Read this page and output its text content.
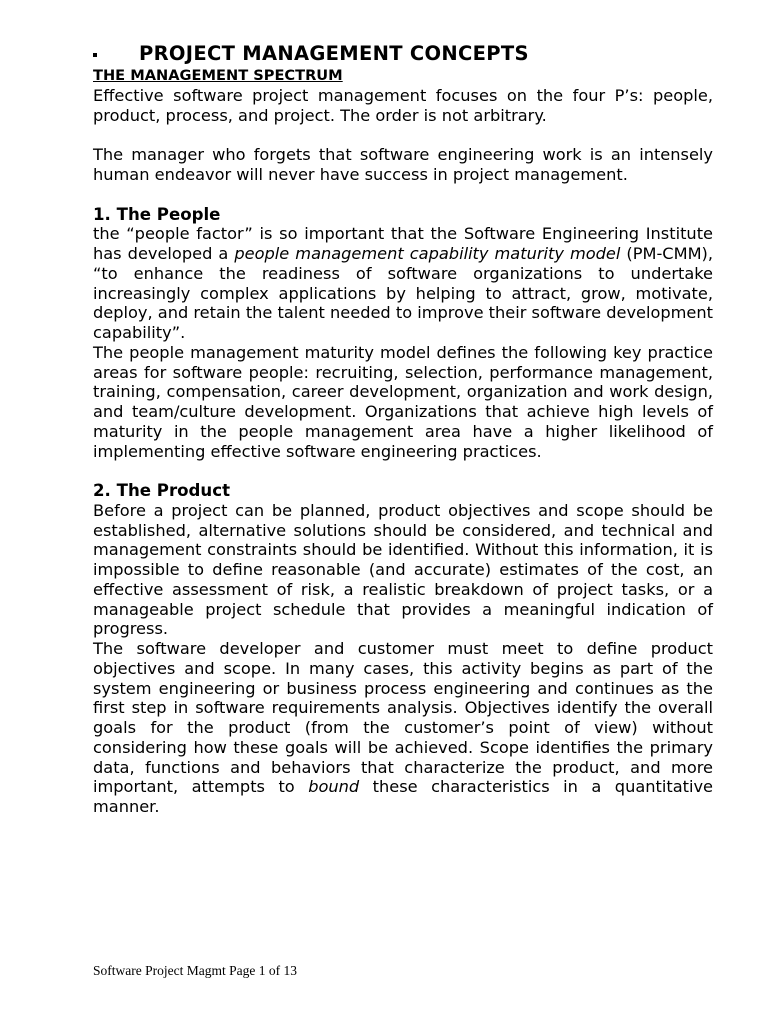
PROJECT MANAGEMENT CONCEPTS
THE MANAGEMENT SPECTRUM

Effective software project management focuses on the four P’s: people, product, process, and project. The order is not arbitrary.

The manager who forgets that software engineering work is an intensely human endeavor will never have success in project management.

1. The People

the “people factor” is so important that the Software Engineering Institute has developed a people management capability maturity model (PM-CMM), “to enhance the readiness of software organizations to undertake increasingly complex applications by helping to attract, grow, motivate, deploy, and retain the talent needed to improve their software development capability”.

The people management maturity model defines the following key practice areas for software people: recruiting, selection, performance management, training, compensation, career development, organization and work design, and team/culture development. Organizations that achieve high levels of maturity in the people management area have a higher likelihood of implementing effective software engineering practices.

2. The Product

Before a project can be planned, product objectives and scope should be established, alternative solutions should be considered, and technical and management constraints should be identified. Without this information, it is impossible to define reasonable (and accurate) estimates of the cost, an effective assessment of risk, a realistic breakdown of project tasks, or a manageable project schedule that provides a meaningful indication of progress.

The software developer and customer must meet to define product objectives and scope. In many cases, this activity begins as part of the system engineering or business process engineering and continues as the first step in software requirements analysis. Objectives identify the overall goals for the product (from the customer’s point of view) without considering how these goals will be achieved. Scope identifies the primary data, functions and behaviors that characterize the product, and more important, attempts to bound these characteristics in a quantitative manner.

Software Project Magmt Page 1 of 13
